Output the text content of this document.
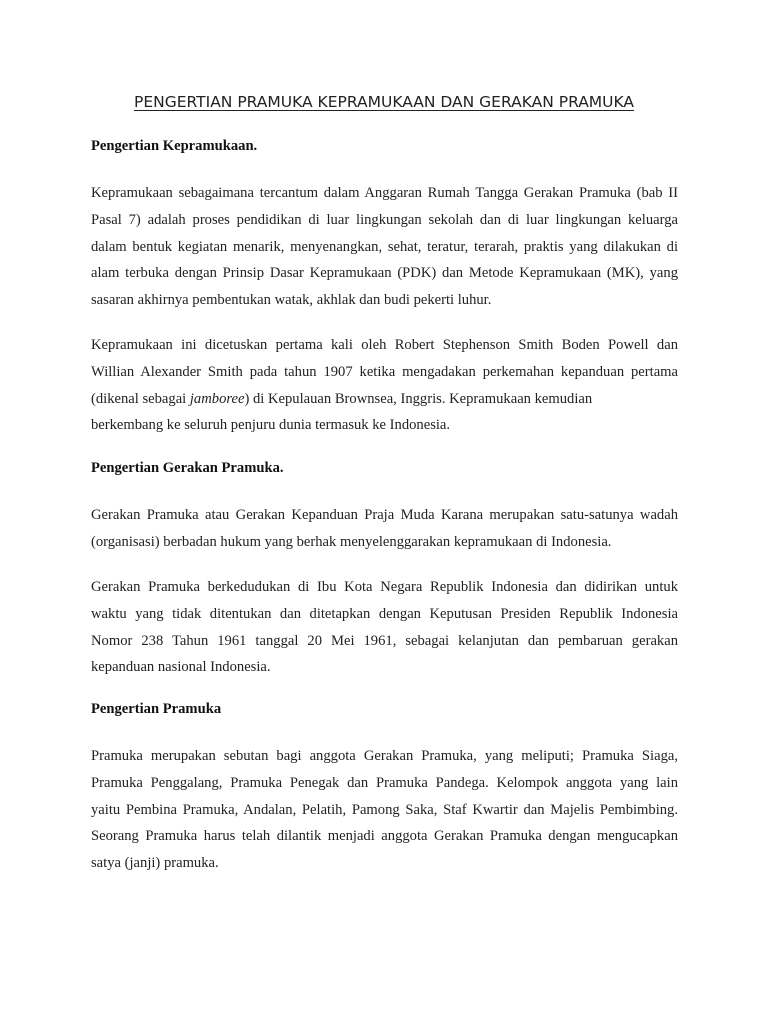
PENGERTIAN PRAMUKA KEPRAMUKAAN DAN GERAKAN PRAMUKA
Pengertian Kepramukaan.
Kepramukaan sebagaimana tercantum dalam Anggaran Rumah Tangga Gerakan Pramuka (bab II
Pasal 7) adalah proses pendidikan di luar lingkungan sekolah dan di luar lingkungan keluarga
dalam bentuk kegiatan menarik, menyenangkan, sehat, teratur, terarah, praktis yang dilakukan di
alam terbuka dengan Prinsip Dasar Kepramukaan (PDK) dan Metode Kepramukaan (MK), yang
sasaran akhirnya pembentukan watak, akhlak dan budi pekerti luhur.
Kepramukaan ini dicetuskan pertama kali oleh Robert Stephenson Smith Boden Powell dan
Willian Alexander Smith pada tahun 1907 ketika mengadakan perkemahan kepanduan pertama
(dikenal sebagai jamboree) di Kepulauan Brownsea, Inggris. Kepramukaan kemudian
berkembang ke seluruh penjuru dunia termasuk ke Indonesia.
Pengertian Gerakan Pramuka.
Gerakan Pramuka atau Gerakan Kepanduan Praja Muda Karana merupakan satu-satunya wadah
(organisasi) berbadan hukum yang berhak menyelenggarakan kepramukaan di Indonesia.
Gerakan Pramuka berkedudukan di Ibu Kota Negara Republik Indonesia dan didirikan untuk
waktu yang tidak ditentukan dan ditetapkan dengan Keputusan Presiden Republik Indonesia
Nomor 238 Tahun 1961 tanggal 20 Mei 1961, sebagai kelanjutan dan pembaruan gerakan
kepanduan nasional Indonesia.
Pengertian Pramuka
Pramuka merupakan sebutan bagi anggota Gerakan Pramuka, yang meliputi; Pramuka Siaga,
Pramuka Penggalang, Pramuka Penegak dan Pramuka Pandega. Kelompok anggota yang lain
yaitu Pembina Pramuka, Andalan, Pelatih, Pamong Saka, Staf Kwartir dan Majelis Pembimbing.
Seorang Pramuka harus telah dilantik menjadi anggota Gerakan Pramuka dengan mengucapkan
satya (janji) pramuka.
